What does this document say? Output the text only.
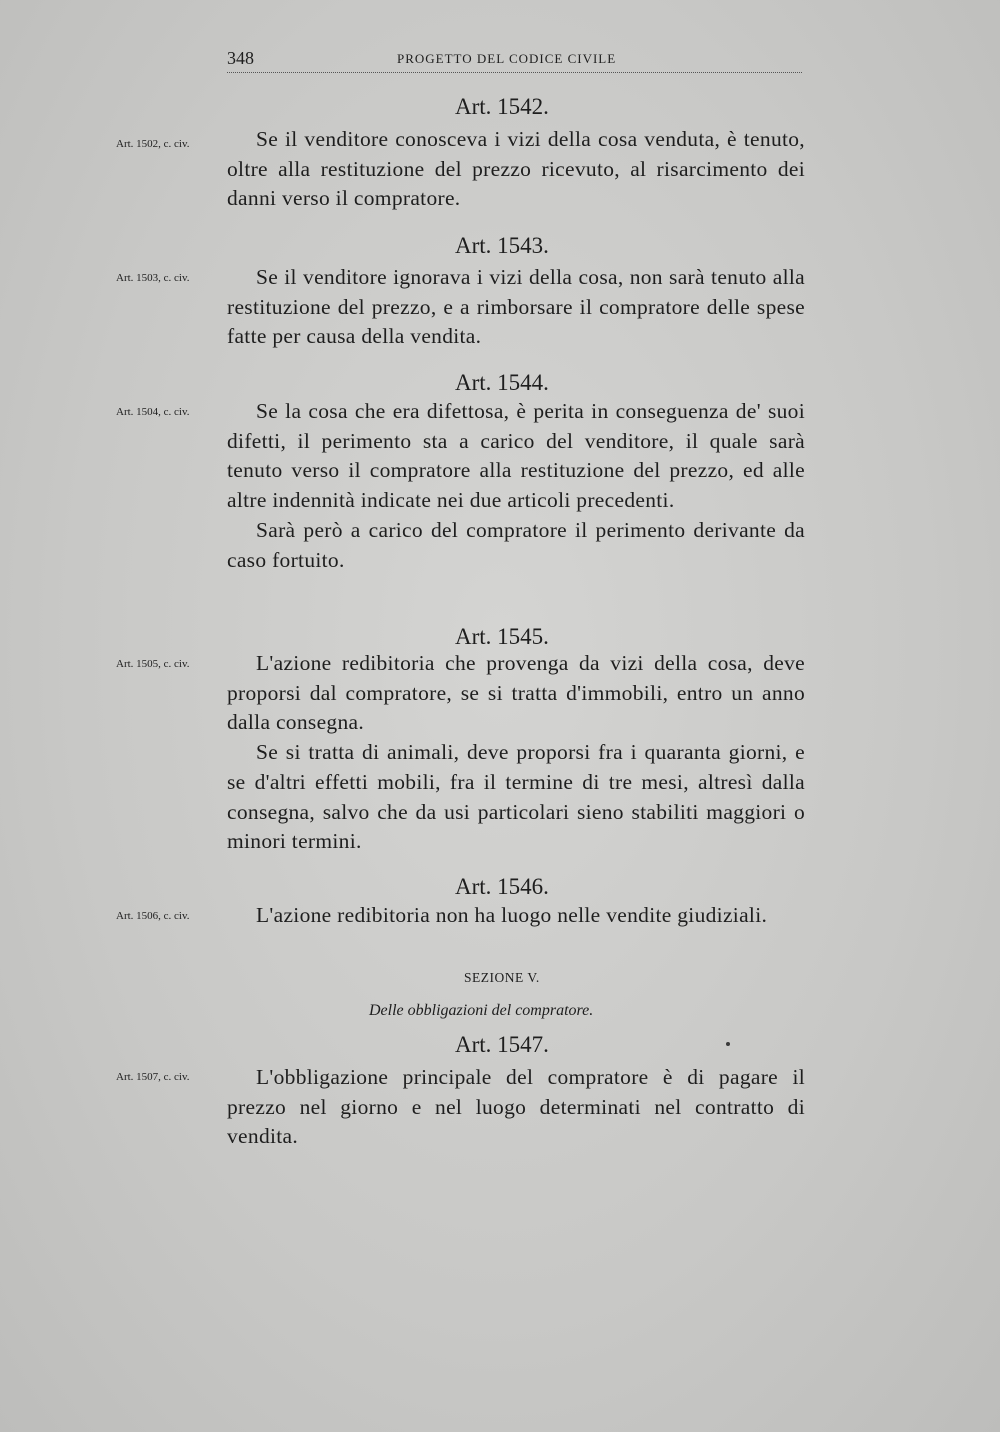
348	PROGETTO DEL CODICE CIVILE
Art. 1542.
Art. 1502, c. civ.	Se il venditore conosceva i vizi della cosa venduta, è tenuto, oltre alla restituzione del prezzo ricevuto, al risarcimento dei danni verso il compratore.

Art. 1543.
Art. 1503, c. civ.	Se il venditore ignorava i vizi della cosa, non sarà tenuto alla restituzione del prezzo, e a rimborsare il compratore delle spese fatte per causa della vendita.

Art. 1544.
Art. 1504, c. civ.	Se la cosa che era difettosa, è perita in conseguenza de' suoi difetti, il perimento sta a carico del venditore, il quale sarà tenuto verso il compratore alla restituzione del prezzo, ed alle altre indennità indicate nei due articoli precedenti.

Sarà però a carico del compratore il perimento derivante da caso fortuito.

Art. 1545.
Art. 1505, c. civ.	L'azione redibitoria che provenga da vizi della cosa, deve proporsi dal compratore, se si tratta d'immobili, entro un anno dalla consegna.

Se si tratta di animali, deve proporsi fra i quaranta giorni, e se d'altri effetti mobili, fra il termine di tre mesi, altresì dalla consegna, salvo che da usi particolari sieno stabiliti maggiori o minori termini.

Art. 1546.
Art. 1506, c. civ.	L'azione redibitoria non ha luogo nelle vendite giudiziali.

SEZIONE V.
Delle obbligazioni del compratore.
Art. 1547.
Art. 1507, c. civ.	L'obbligazione principale del compratore è di pagare il prezzo nel giorno e nel luogo determinati nel contratto di vendita.
